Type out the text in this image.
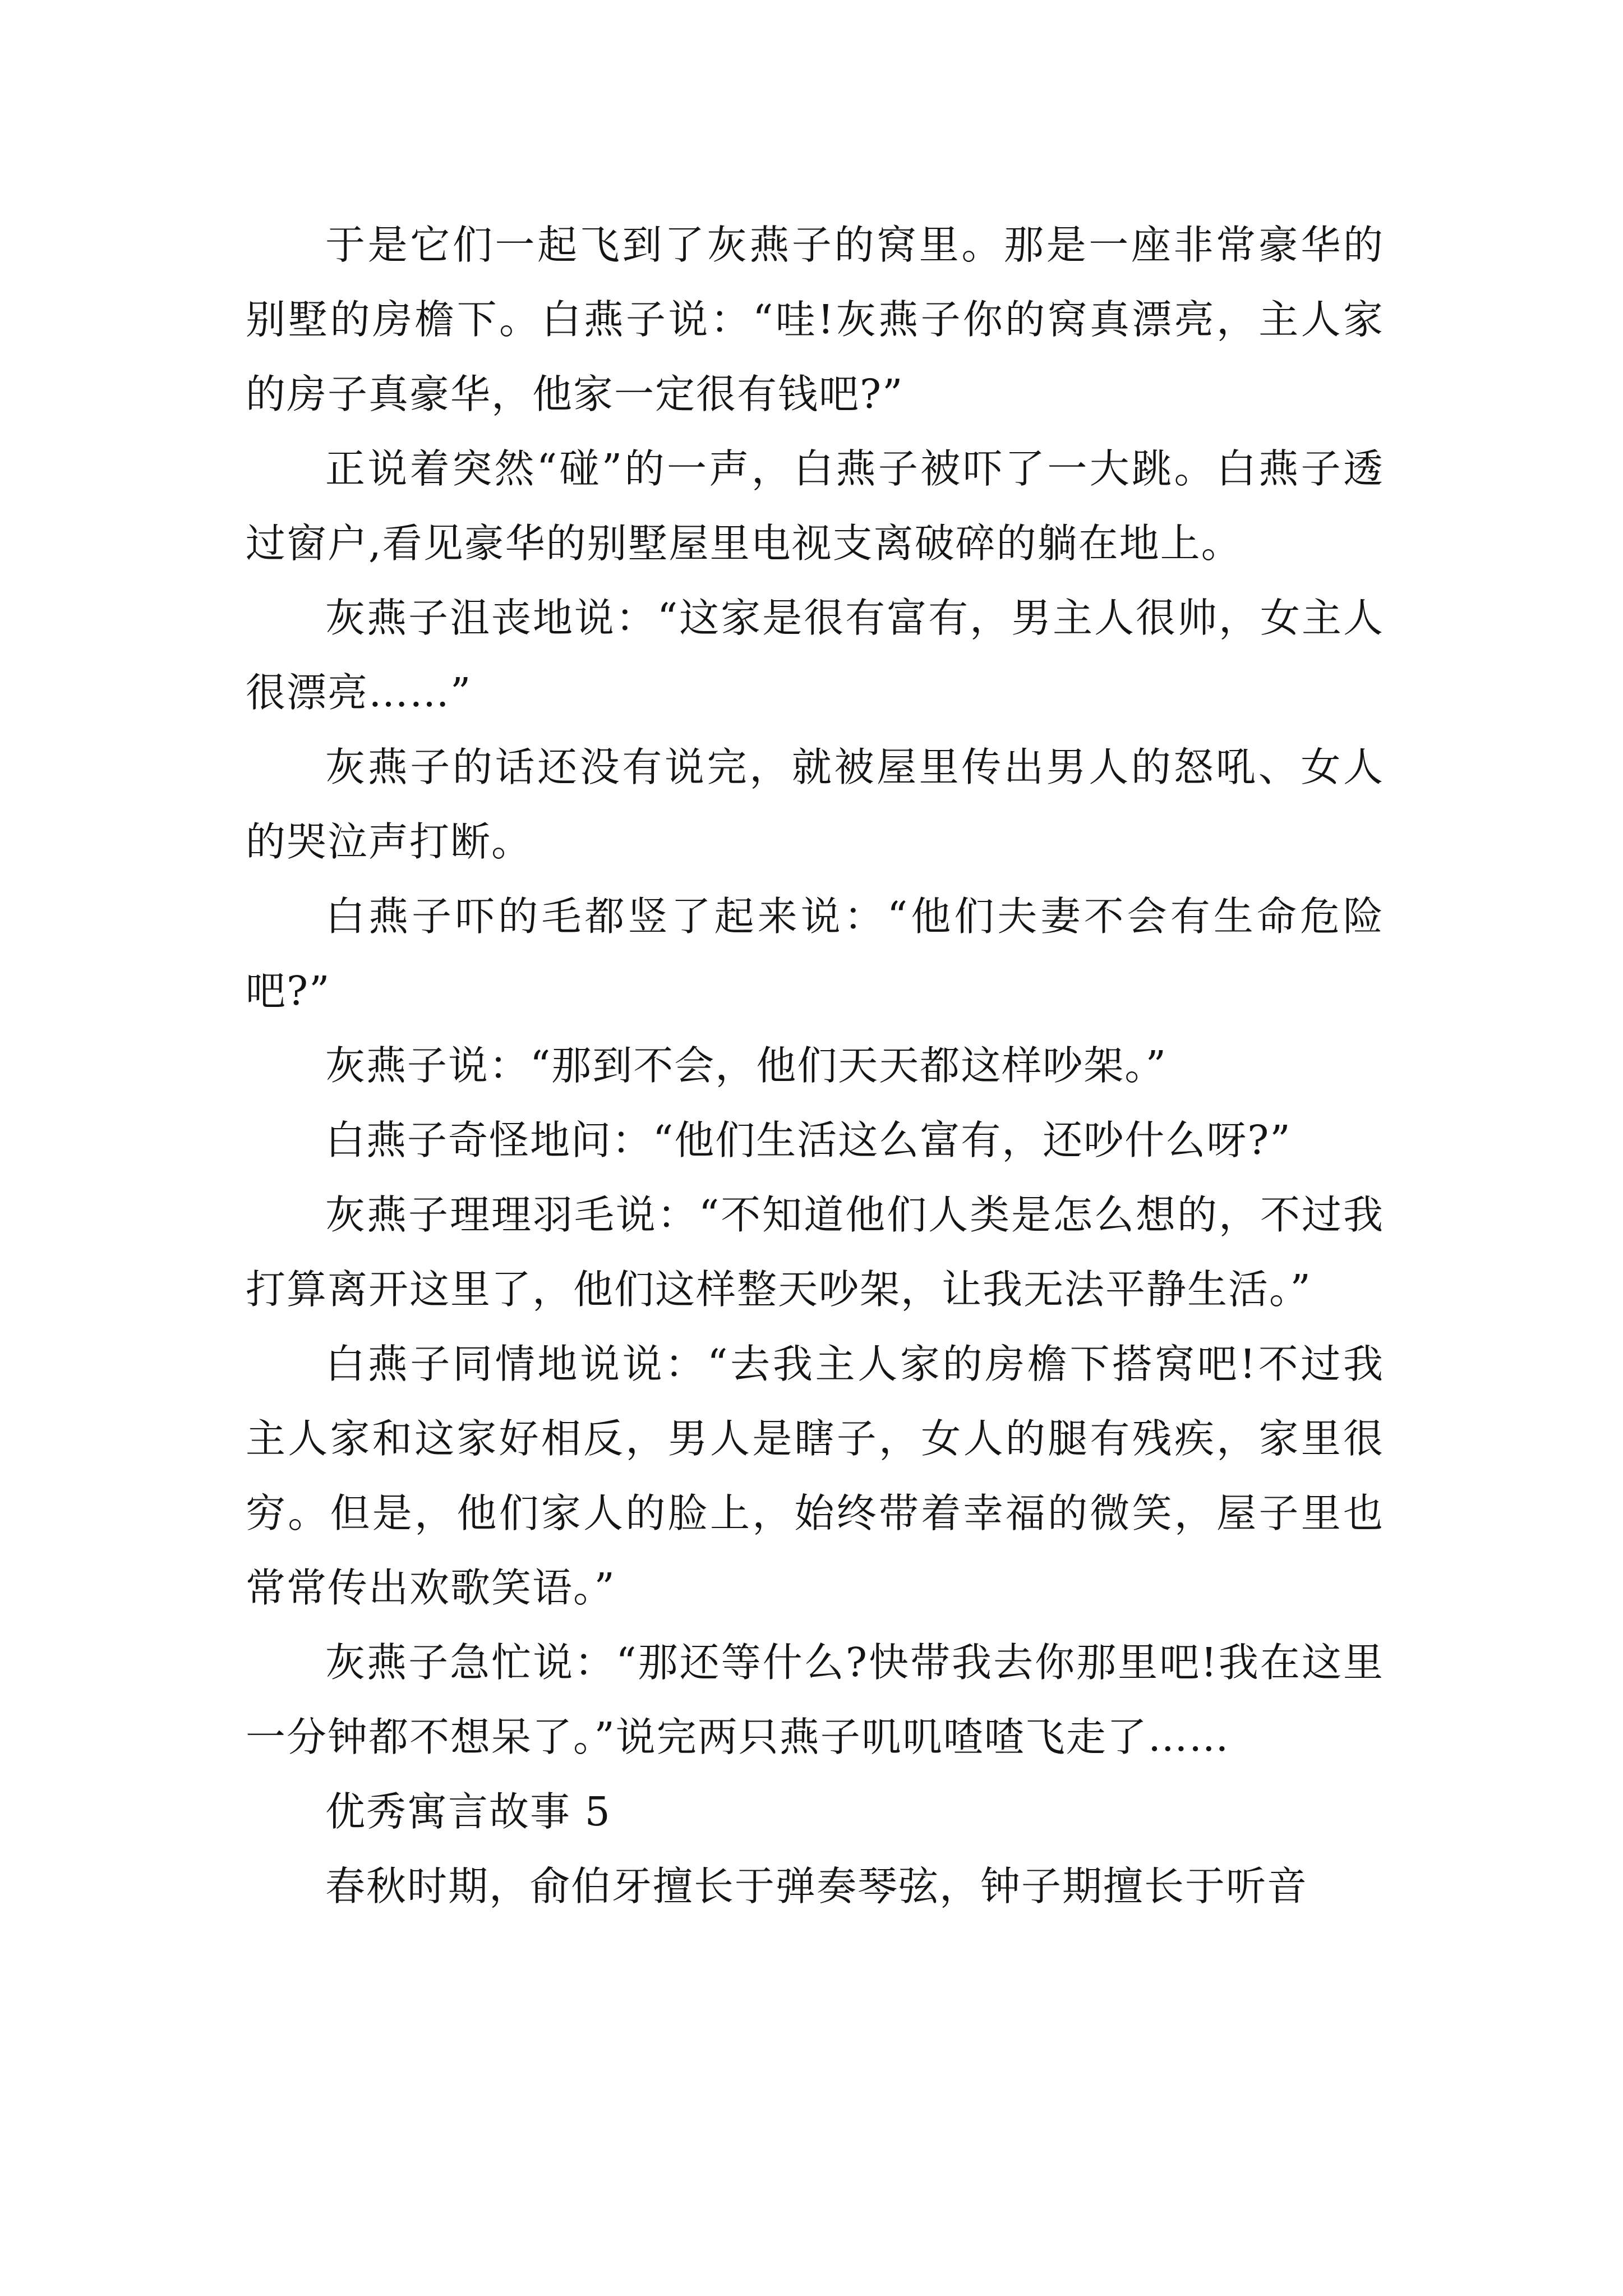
于是它们一起飞到了灰燕子的窝里。那是一座非常豪华的别墅的房檐下。白燕子说：“哇!灰燕子你的窝真漂亮，主人家的房子真豪华，他家一定很有钱吧?”

正说着突然“碰”的一声，白燕子被吓了一大跳。白燕子透过窗户,看见豪华的别墅屋里电视支离破碎的躺在地上。

灰燕子沮丧地说：“这家是很有富有，男主人很帅，女主人很漂亮……”

灰燕子的话还没有说完，就被屋里传出男人的怒吼、女人的哭泣声打断。

白燕子吓的毛都竖了起来说：“他们夫妻不会有生命危险吧?”

灰燕子说：“那到不会，他们天天都这样吵架。”

白燕子奇怪地问：“他们生活这么富有，还吵什么呀?”

灰燕子理理羽毛说：“不知道他们人类是怎么想的，不过我打算离开这里了，他们这样整天吵架，让我无法平静生活。”

白燕子同情地说说：“去我主人家的房檐下搭窝吧!不过我主人家和这家好相反，男人是瞎子，女人的腿有残疾，家里很穷。但是，他们家人的脸上，始终带着幸福的微笑，屋子里也常常传出欢歌笑语。”

灰燕子急忙说：“那还等什么?快带我去你那里吧!我在这里一分钟都不想呆了。”说完两只燕子叽叽喳喳飞走了……

优秀寓言故事 5

春秋时期，俞伯牙擅长于弹奏琴弦，钟子期擅长于听音
